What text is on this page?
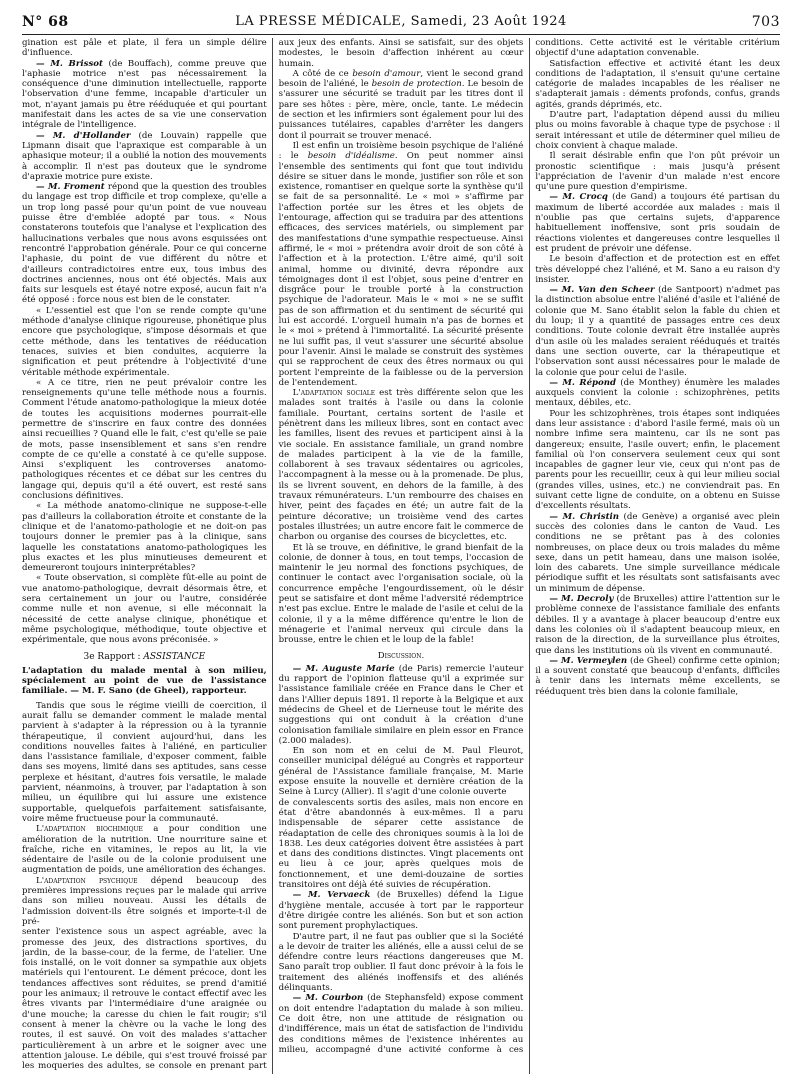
N° 68	LA PRESSE MÉDICALE, Samedi, 23 Août 1924	703

gination est pâle et plate, il fera un simple délire d'influence.

— M. Brissot (de Bouffach), comme preuve que l'aphasie motrice n'est pas nécessairement la conséquence d'une diminution intellectuelle, rapporte l'observation d'une femme, incapable d'articuler un mot, n'ayant jamais pu être rééduquée et qui pourtant manifestait dans les actes de sa vie une conservation intégrale de l'intelligence.

— M. d'Hollander (de Louvain) rappelle que Lipmann disait que l'apraxique est comparable à un aphasique moteur; il a oublié la notion des mouvements à accomplir. Il n'est pas douteux que le syndrome d'apraxie motrice pure existe.

— M. Froment répond que la question des troubles du langage est trop difficile et trop complexe, qu'elle a un trop long passé pour qu'un point de vue nouveau puisse être d'emblée adopté par tous. « Nous constaterons toutefois que l'analyse et l'explication des hallucinations verbales que nous avons esquissées ont rencontré l'approbation générale. Pour ce qui concerne l'aphasie, du point de vue différent du nôtre et d'ailleurs contradictoires entre eux, tous imbus des doctrines anciennes, nous ont été objectés. Mais aux faits sur lesquels est étayé notre exposé, aucun fait n'a été opposé : force nous est bien de le constater.

« L'essentiel est que l'on se rende compte qu'une méthode d'analyse clinique rigoureuse, phonétique plus encore que psychologique, s'impose désormais et que cette méthode, dans les tentatives de rééducation tenaces, suivies et bien conduites, acquierre la signification et peut prétendre à l'objectivité d'une véritable méthode expérimentale.

« A ce titre, rien ne peut prévaloir contre les renseignements qu'une telle méthode nous a fournis. Comment l'étude anatomo-pathologique la mieux dotée de toutes les acquisitions modernes pourrait-elle permettre de s'inscrire en faux contre des données ainsi recueillies ? Quand elle le fait, c'est qu'elle se paie de mots, passe insensiblement et sans s'en rendre compte de ce qu'elle a constaté à ce qu'elle suppose. Ainsi s'expliquent les controverses anatomo-pathologiques récentes et ce débat sur les centres du langage qui, depuis qu'il a été ouvert, est resté sans conclusions définitives.

« La méthode anatomo-clinique ne suppose-t-elle pas d'ailleurs la collaboration étroite et constante de la clinique et de l'anatomo-pathologie et ne doit-on pas toujours donner le premier pas à la clinique, sans laquelle les constatations anatomo-pathologiques les plus exactes et les plus minutieuses demeurent et demeureront toujours ininterprétables?

« Toute observation, si complète fût-elle au point de vue anatomo-pathologique, devrait désormais être, et sera certainement un jour ou l'autre, considérée comme nulle et non avenue, si elle méconnait la nécessité de cette analyse clinique, phonétique et même psychologique, méthodique, toute objective et expérimentale, que nous avons préconisée. »

3e Rapport : ASSISTANCE

L'adaptation du malade mental à son milieu, spécialement au point de vue de l'assistance familiale. — M. F. Sano (de Gheel), rapporteur.

Tandis que sous le régime vieilli de coercition, il aurait fallu se demander comment le malade mental parvient à s'adapter à la répression ou à la tyrannie thérapeutique, il convient aujourd'hui, dans les conditions nouvelles faites à l'aliéné, en particulier dans l'assistance familiale, d'exposer comment, faible dans ses moyens, limité dans ses aptitudes, sans cesse perplexe et hésitant, d'autres fois versatile, le malade parvient, néanmoins, à trouver, par l'adaptation à son milieu, un équilibre qui lui assure une existence supportable, quelquefois parfaitement satisfaisante, voire même fructueuse pour la communauté.

L'adaptation biochimique a pour condition une amélioration de la nutrition. Une nourriture saine et fraîche, riche en vitamines, le repos au lit, la vie sédentaire de l'asile ou de la colonie produisent une augmentation de poids, une amélioration des échanges.

L'adaptation psychique dépend beaucoup des premières impressions reçues par le malade qui arrive dans son milieu nouveau. Aussi les détails de l'admission doivent-ils être soignés et importe-t-il de pré-

senter l'existence sous un aspect agréable, avec la promesse des jeux, des distractions sportives, du jardin, de la basse-cour, de la ferme, de l'atelier. Une fois installé, on le voit donner sa sympathie aux objets matériels qui l'entourent. Le dément précoce, dont les tendances affectives sont réduites, se prend d'amitié pour les animaux; il retrouve le contact effectif avec les êtres vivants par l'intermédiaire d'une araignée ou d'une mouche; la caresse du chien le fait rougir; s'il consent à mener la chèvre ou la vache le long des routes, il est sauvé. On voit des malades s'attacher particulièrement à un arbre et le soigner avec une attention jalouse. Le débile, qui s'est trouvé froissé par les moqueries des adultes, se console en prenant part aux jeux des enfants. Ainsi se satisfait, sur des objets modestes, le besoin d'affection inhérent au cœur humain.

A côté de ce besoin d'amour, vient le second grand besoin de l'aliéné, le besoin de protection. Le besoin de s'assurer une sécurité se traduit par les titres dont il pare ses hôtes : père, mère, oncle, tante. Le médecin de section et les infirmiers sont également pour lui des puissances tutélaires, capables d'arrêter les dangers dont il pourrait se trouver menacé.

Il est enfin un troisième besoin psychique de l'aliéné : le besoin d'idéalisme. On peut nommer ainsi l'ensemble des sentiments qui font que tout individu désire se situer dans le monde, justifier son rôle et son existence, romantiser en quelque sorte la synthèse qu'il se fait de sa personnalité. Le « moi » s'affirme par l'affection portée sur les êtres et les objets de l'entourage, affection qui se traduira par des attentions efficaces, des services matériels, ou simplement par des manifestations d'une sympathie respectueuse. Ainsi affirmé, le « moi » prétendra avoir droit de son côté à l'affection et à la protection. L'être aimé, qu'il soit animal, homme ou divinité, devra répondre aux témoignages dont il est l'objet, sous peine d'entrer en disgrâce pour le trouble porté à la construction psychique de l'adorateur. Mais le « moi » ne se suffit pas de son affirmation et du sentiment de sécurité qui lui est accordé. L'orgueil humain n'a pas de bornes et le « moi » prétend à l'immortalité. La sécurité présente ne lui suffit pas, il veut s'assurer une sécurité absolue pour l'avenir. Ainsi le malade se construit des systèmes qui se rapprochent de ceux des êtres normaux ou qui portent l'empreinte de la faiblesse ou de la perversion de l'entendement.

L'adaptation sociale est très différente selon que les malades sont traités à l'asile ou dans la colonie familiale. Pourtant, certains sortent de l'asile et pénètrent dans les milieux libres, sont en contact avec les familles, lisent des revues et participent ainsi à la vie sociale. En assistance familiale, un grand nombre de malades participent à la vie de la famille, collaborent à ses travaux sédentaires ou agricoles, l'accompagnent à la messe ou à la promenade. De plus, ils se livrent souvent, en dehors de la famille, à des travaux rémunérateurs. L'un rembourre des chaises en hiver, peint des façades en été; un autre fait de la peinture décorative; un troisième vend des cartes postales illustrées; un autre encore fait le commerce de charbon ou organise des courses de bicyclettes, etc.

Et là se trouve, en définitive, le grand bienfait de la colonie, de donner à tous, en tout temps, l'occasion de maintenir le jeu normal des fonctions psychiques, de continuer le contact avec l'organisation sociale, où la concurrence empêche l'engourdissement, où le désir peut se satisfaire et dont même l'adversité rédemptrice n'est pas exclue. Entre le malade de l'asile et celui de la colonie, il y a la même différence qu'entre le lion de ménagerie et l'animal nerveux qui circule dans la brousse, entre le chien et le loup de la fable!

Discussion.

— M. Auguste Marie (de Paris) remercie l'auteur du rapport de l'opinion flatteuse qu'il a exprimée sur l'assistance familiale créée en France dans le Cher et dans l'Allier depuis 1891. Il reporte à la Belgique et aux médecins de Gheel et de Lierneuse tout le mérite des suggestions qui ont conduit à la création d'une colonisation familiale similaire en plein essor en France (2.000 malades).

En son nom et en celui de M. Paul Fleurot, conseiller municipal délégué au Congrès et rapporteur général de l'Assistance familiale française, M. Marie expose ensuite la nouvelle et dernière création de la Seine à Lurcy (Allier). Il s'agit d'une colonie ouverte

de convalescents sortis des asiles, mais non encore en état d'être abandonnés à eux-mêmes. Il a paru indispensable de séparer cette assistance de réadaptation de celle des chroniques soumis à la loi de 1838. Les deux catégories doivent être assistées à part et dans des conditions distinctes. Vingt placements ont eu lieu à ce jour, après quelques mois de fonctionnement, et une demi-douzaine de sorties transitoires ont déjà été suivies de récupération.

— M. Vervaeck (de Bruxelles) défend la Ligue d'hygiène mentale, accusée à tort par le rapporteur d'être dirigée contre les aliénés. Son but et son action sont purement prophylactiques.

D'autre part, il ne faut pas oublier que si la Société a le devoir de traiter les aliénés, elle a aussi celui de se défendre contre leurs réactions dangereuses que M. Sano paraît trop oublier. Il faut donc prévoir à la fois le traitement des aliénés inoffensifs et des aliénés délinquants.

— M. Courbon (de Stephansfeld) expose comment on doit entendre l'adaptation du malade à son milieu. Ce doit être, non une attitude de résignation ou d'indifférence, mais un état de satisfaction de l'individu des conditions mêmes de l'existence inhérentes au milieu, accompagné d'une activité conforme à ces conditions. Cette activité est le véritable critérium objectif d'une adaptation convenable.

Satisfaction effective et activité étant les deux conditions de l'adaptation, il s'ensuit qu'une certaine catégorie de malades incapables de les réaliser ne s'adapterait jamais : déments profonds, confus, grands agités, grands déprimés, etc.

D'autre part, l'adaptation dépend aussi du milieu plus ou moins favorable à chaque type de psychose : il serait intéressant et utile de déterminer quel milieu de choix convient à chaque malade.

Il serait désirable enfin que l'on pût prévoir un pronostic scientifique : mais jusqu'à présent l'appréciation de l'avenir d'un malade n'est encore qu'une pure question d'empirisme.

— M. Crocq (de Gand) a toujours été partisan du maximum de liberté accordée aux malades : mais il n'oublie pas que certains sujets, d'apparence habituellement inoffensive, sont pris soudain de réactions violentes et dangereuses contre lesquelles il est prudent de prévoir une défense.

Le besoin d'affection et de protection est en effet très développé chez l'aliéné, et M. Sano a eu raison d'y insister.

— M. Van den Scheer (de Santpoort) n'admet pas la distinction absolue entre l'aliéné d'asile et l'aliéné de colonie que M. Sano établit selon la fable du chien et du loup; il y a quantité de passages entre ces deux conditions. Toute colonie devrait être installée auprès d'un asile où les malades seraient rééduqués et traités dans une section ouverte, car la thérapeutique et l'observation sont aussi nécessaires pour le malade de la colonie que pour celui de l'asile.

— M. Répond (de Monthey) énumère les malades auxquels convient la colonie : schizophrènes, petits mentaux, débiles, etc.

Pour les schizophrènes, trois étapes sont indiquées dans leur assistance : d'abord l'asile fermé, mais où un nombre infime sera maintenu, car ils ne sont pas dangereux; ensuite, l'asile ouvert; enfin, le placement familial où l'on conservera seulement ceux qui sont incapables de gagner leur vie, ceux qui n'ont pas de parents pour les recueillir, ceux à qui leur milieu social (grandes villes, usines, etc.) ne conviendrait pas. En suivant cette ligne de conduite, on a obtenu en Suisse d'excellents résultats.

— M. Christin (de Genève) a organisé avec plein succès des colonies dans le canton de Vaud. Les conditions ne se prêtant pas à des colonies nombreuses, on place deux ou trois malades du même sexe, dans un petit hameau, dans une maison isolée, loin des cabarets. Une simple surveillance médicale périodique suffit et les résultats sont satisfaisants avec un minimum de dépense.

— M. Decroly (de Bruxelles) attire l'attention sur le problème connexe de l'assistance familiale des enfants débiles. Il y a avantage à placer beaucoup d'entre eux dans les colonies où il s'adaptent beaucoup mieux, en raison de la direction, de la surveillance plus étroites, que dans les institutions où ils vivent en communauté.

— M. Vermeylen (de Gheel) confirme cette opinion; il a souvent constaté que beaucoup d'enfants, difficiles à tenir dans les internats même excellents, se rééduquent très bien dans la colonie familiale,
